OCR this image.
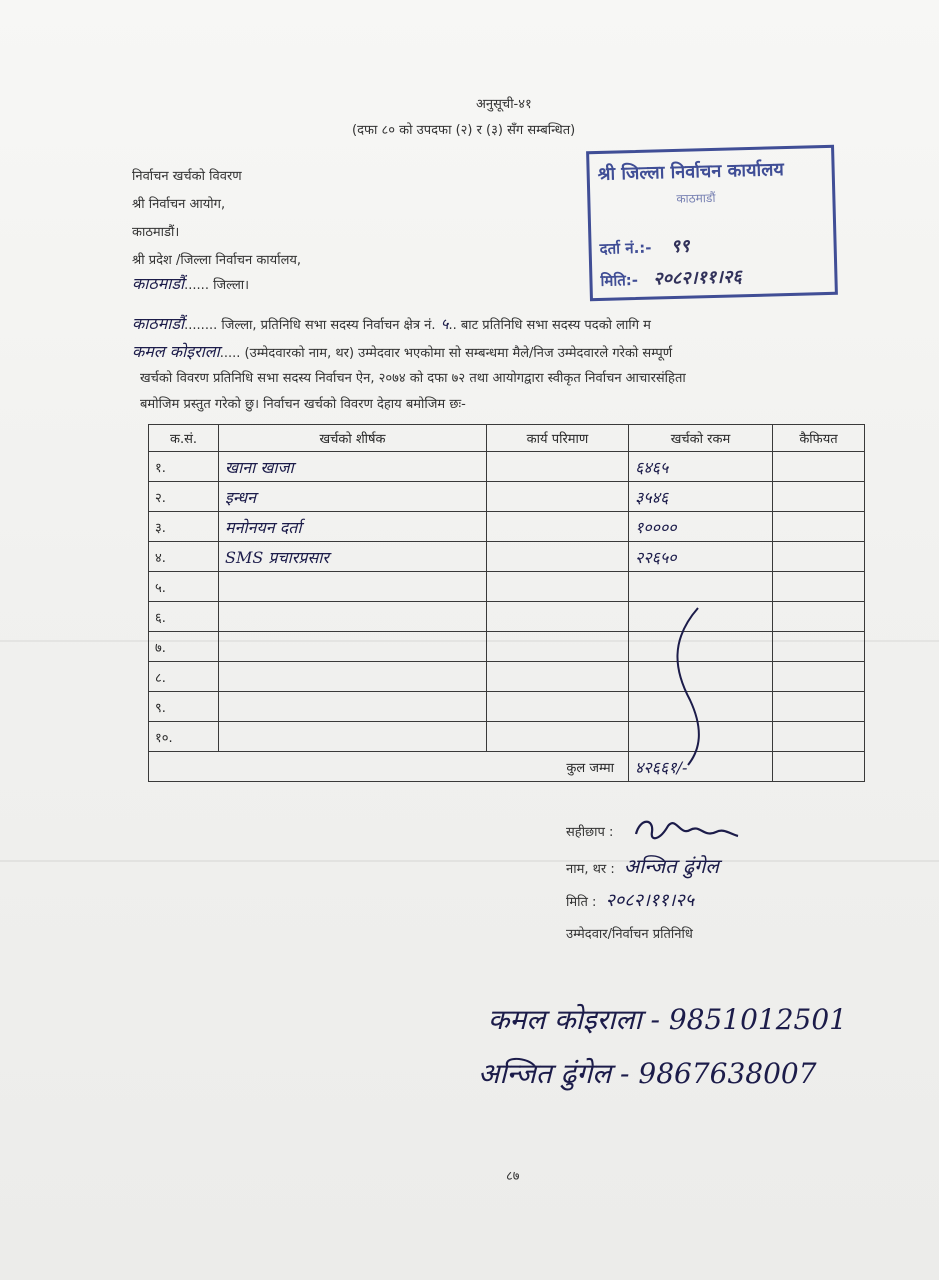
अनुसूची-४१
(दफा ८० को उपदफा (२) र (३) सँग सम्बन्धित)
निर्वाचन खर्चको विवरण
श्री निर्वाचन आयोग,
काठमाडौं।
श्री प्रदेश /जिल्ला निर्वाचन कार्यालय,
काठमाडौं...... जिल्ला।
श्री जिल्ला निर्वाचन कार्यालय
काठमाडौं
दर्ता नं.:- ९९
मिति:- २०८२।११।२६
काठमाडौं........ जिल्ला, प्रतिनिधि सभा सदस्य निर्वाचन क्षेत्र नं. ५.. बाट प्रतिनिधि सभा सदस्य पदको लागि म
कमल कोइराला..... (उम्मेदवारको नाम, थर) उम्मेदवार भएकोमा सो सम्बन्धमा मैले/निज उम्मेदवारले गरेको सम्पूर्ण
खर्चको विवरण प्रतिनिधि सभा सदस्य निर्वाचन ऐन, २०७४ को दफा ७२ तथा आयोगद्वारा स्वीकृत निर्वाचन आचारसंहिता
बमोजिम प्रस्तुत गरेको छु। निर्वाचन खर्चको विवरण देहाय बमोजिम छः-
क.सं.	खर्चको शीर्षक	कार्य परिमाण	खर्चको रकम	कैफियत
१.	खाना खाजा		६४६५	
२.	इन्धन		३५४६	
३.	मनोनयन दर्ता		१००००	
४.	SMS प्रचारप्रसार		२२६५०	
५.				
६.				
७.				
८.				
९.				
१०.				
कुल जम्मा			४२६६१/-	
सहीछाप :
नाम, थर : अन्जित ढुंगेल
मिति : २०८२।११।२५
उम्मेदवार/निर्वाचन प्रतिनिधि
कमल कोइराला - 9851012501
अन्जित ढुंगेल - 9867638007
८७
